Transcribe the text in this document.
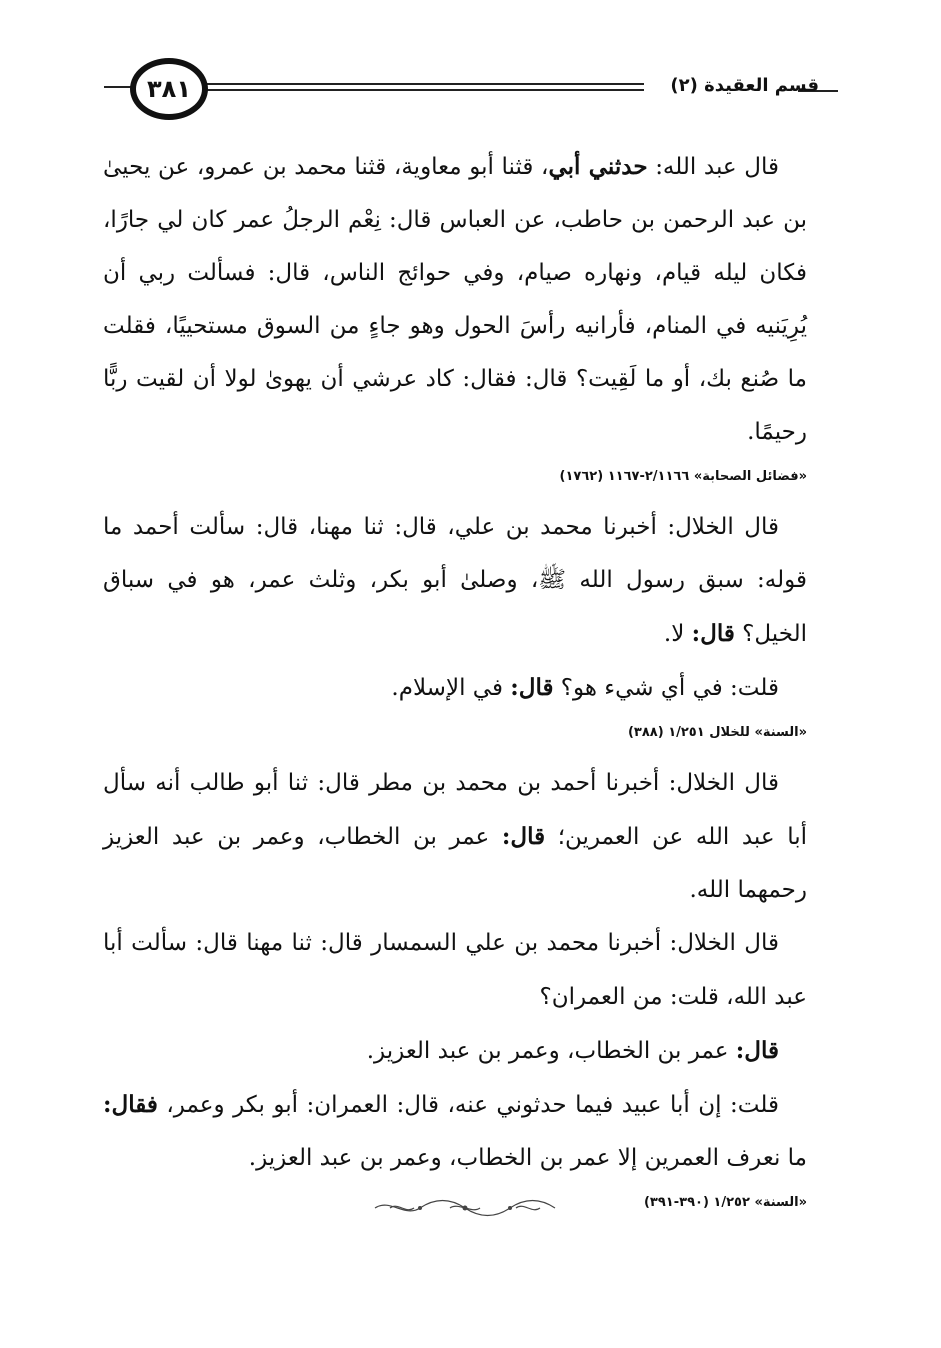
قسم العقيدة (٢)
٣٨١

قال عبد الله: حدثني أبي، قثنا أبو معاوية، قثنا محمد بن عمرو، عن يحيىٰ بن عبد الرحمن بن حاطب، عن العباس قال: نِعْم الرجلُ عمر كان لي جارًا، فكان ليله قيام، ونهاره صيام، وفي حوائج الناس، قال: فسألت ربي أن يُرِيَنيه في المنام، فأرانيه رأسَ الحول وهو جاءٍ من السوق مستحييًا، فقلت ما صُنع بك، أو ما لَقِيت؟ قال: فقال: كاد عرشي أن يهوىٰ لولا أن لقيت ربًّا رحيمًا.

«فضائل الصحابة» ٢/١١٦٦-١١٦٧ (١٧٦٢)

قال الخلال: أخبرنا محمد بن علي، قال: ثنا مهنا، قال: سألت أحمد ما قوله: سبق رسول الله ﷺ، وصلىٰ أبو بكر، وثلث عمر، هو في سباق الخيل؟ قال: لا.

قلت: في أي شيء هو؟ قال: في الإسلام.

«السنة» للخلال ١/٢٥١ (٣٨٨)

قال الخلال: أخبرنا أحمد بن محمد بن مطر قال: ثنا أبو طالب أنه سأل أبا عبد الله عن العمرين؛ قال: عمر بن الخطاب، وعمر بن عبد العزيز رحمهما الله.

قال الخلال: أخبرنا محمد بن علي السمسار قال: ثنا مهنا قال: سألت أبا عبد الله، قلت: من العمران؟

قال: عمر بن الخطاب، وعمر بن عبد العزيز.

قلت: إن أبا عبيد فيما حدثوني عنه، قال: العمران: أبو بكر وعمر، فقال: ما نعرف العمرين إلا عمر بن الخطاب، وعمر بن عبد العزيز.

«السنة» ١/٢٥٢ (٣٩٠-٣٩١)
